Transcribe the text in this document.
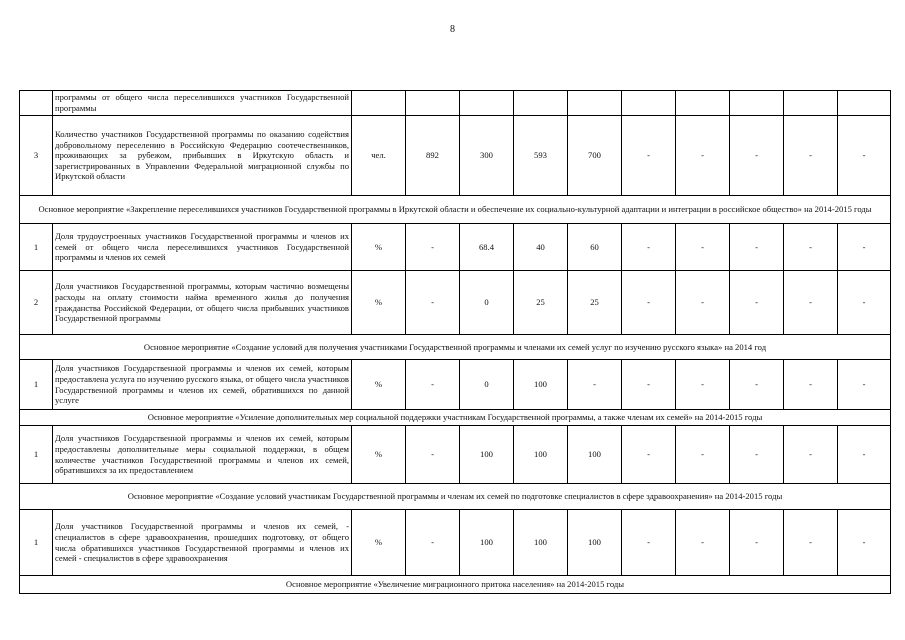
8
	программы от общего числа переселившихся участников Государственной программы										
3	Количество участников Государственной программы по оказанию содействия добровольному переселению в Российскую Федерацию соотечественников, проживающих за рубежом, прибывших в Иркутскую область и зарегистрированных в Управлении Федеральной миграционной службы по Иркутской области	чел.	892	300	593	700	-	-	-	-	-
Основное мероприятие «Закрепление переселившихся участников Государственной программы в Иркутской области и обеспечение их социально-культурной адаптации и интеграции в российское общество» на 2014-2015 годы											
1	Доля трудоустроенных участников Государственной программы и членов их семей от общего числа переселившихся участников Государственной программы и членов их семей	%	-	68.4	40	60	-	-	-	-	-
2	Доля участников Государственной программы, которым частично возмещены расходы на оплату стоимости найма временного жилья до получения гражданства Российской Федерации, от общего числа прибывших участников Государственной программы	%	-	0	25	25	-	-	-	-	-
Основное мероприятие «Создание условий для получения участниками Государственной программы и членами их семей услуг по изучению русского языка» на 2014 год											
1	Доля участников Государственной программы и членов их семей, которым предоставлена услуга по изучению русского языка, от общего числа участников Государственной программы и членов их семей, обратившихся по данной услуге	%	-	0	100	-	-	-	-	-	-
Основное мероприятие «Усиление дополнительных мер социальной поддержки участникам Государственной программы, а также членам их семей» на 2014-2015 годы											
1	Доля участников Государственной программы и членов их семей, которым предоставлены дополнительные меры социальной поддержки, в общем количестве участников Государственной программы и членов их семей, обратившихся за их предоставлением	%	-	100	100	100	-	-	-	-	-
Основное мероприятие «Создание условий участникам Государственной программы и членам их семей по подготовке специалистов в сфере здравоохранения» на 2014-2015 годы											
1	Доля участников Государственной программы и членов их семей, - специалистов в сфере здравоохранения, прошедших подготовку, от общего числа обратившихся участников Государственной программы и членов их семей - специалистов в сфере здравоохранения	%	-	100	100	100	-	-	-	-	-
Основное мероприятие «Увеличение миграционного притока населения» на 2014-2015 годы											
